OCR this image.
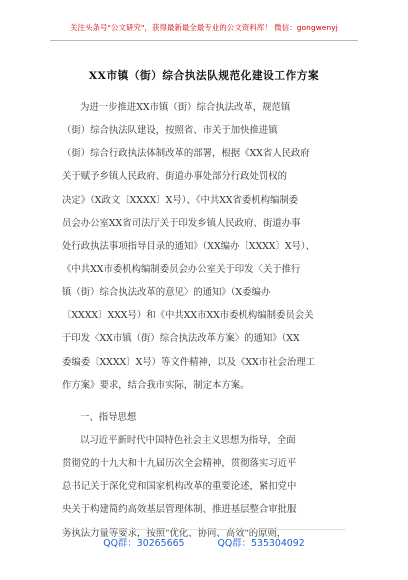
关注头条号"公文研究"，获得最新最全最专业的公文资料库！ 微信：gongwenyj
XX市镇（街）综合执法队规范化建设工作方案
为进一步推进XX市镇（街）综合执法改革，规范镇
（街）综合执法队建设，按照省、市关于加快推进镇
（街）综合行政执法体制改革的部署，根据《XX省人民政府
关于赋予乡镇人民政府、街道办事处部分行政处罚权的
决定》（X政文〔XXXX〕X号）、《中共XX省委机构编制委
员会办公室XX省司法厅关于印发乡镇人民政府、街道办事
处行政执法事项指导目录的通知》（XX编办〔XXXX〕X号）、
《中共XX市委机构编制委员会办公室关于印发〈关于推行
镇（街）综合执法改革的意见〉的通知》（X委编办
〔XXXX〕XXX号）和《中共XX市XX市委机构编制委员会关
于印发〈XX市镇（街）综合执法改革方案〉的通知》（XX
委编委〔XXXX〕X号）等文件精神，以及《XX市社会治理工
作方案》要求，结合我市实际，制定本方案。
一、指导思想
以习近平新时代中国特色社会主义思想为指导，全面
贯彻党的十九大和十九届历次全会精神，贯彻落实习近平
总书记关于深化党和国家机构改革的重要论述，紧扣党中
央关于构建简约高效基层管理体制、推进基层整合审批服
务执法力量等要求，按照"优化、协同、高效"的原则，
QQ群：30265665	QQ群：535304092
